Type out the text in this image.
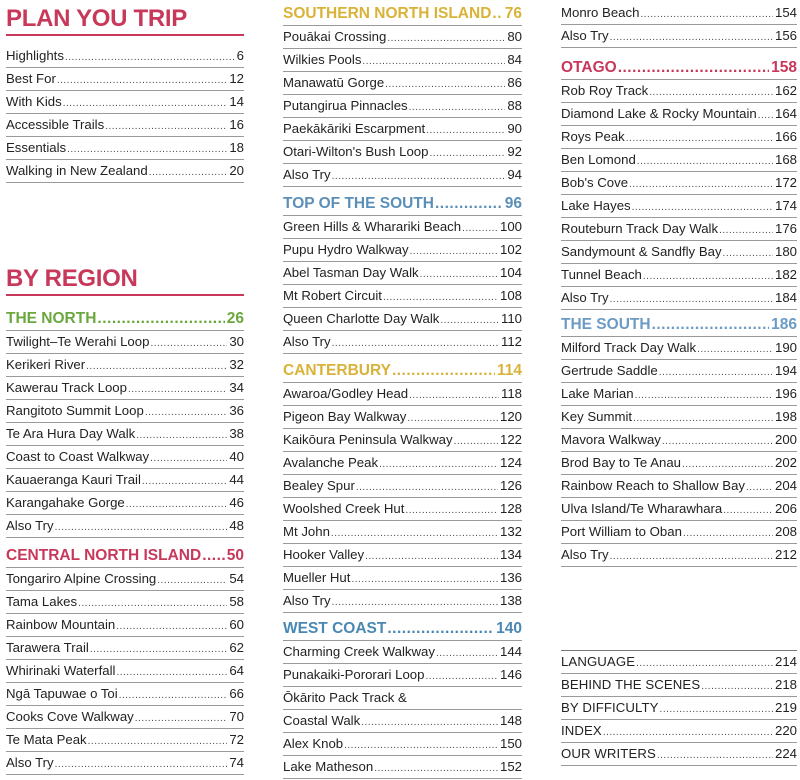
PLAN YOU TRIP
Highlights .....	6
Best For .....	12
With Kids .....	14
Accessible Trails .....	16
Essentials .....	18
Walking in New Zealand .....	20
BY REGION
THE NORTH .....	26
Twilight–Te Werahi Loop .....	30
Kerikeri River .....	32
Kawerau Track Loop .....	34
Rangitoto Summit Loop .....	36
Te Ara Hura Day Walk .....	38
Coast to Coast Walkway .....	40
Kauaeranga Kauri Trail .....	44
Karangahake Gorge .....	46
Also Try .....	48
CENTRAL NORTH ISLAND ..... 50
Tongariro Alpine Crossing .....	54
Tama Lakes .....	58
Rainbow Mountain .....	60
Tarawera Trail .....	62
Whirinaki Waterfall .....	64
Ngā Tapuwae o Toi .....	66
Cooks Cove Walkway .....	70
Te Mata Peak .....	72
Also Try .....	74
SOUTHERN NORTH ISLAND ..... 76
Pouākai Crossing .....	80
Wilkies Pools .....	84
Manawatū Gorge .....	86
Putangirua Pinnacles .....	88
Paekākāriki Escarpment .....	90
Otari-Wilton's Bush Loop .....	92
Also Try .....	94
TOP OF THE SOUTH .....	96
Green Hills & Wharariki Beach .....	100
Pupu Hydro Walkway .....	102
Abel Tasman Day Walk .....	104
Mt Robert Circuit .....	108
Queen Charlotte Day Walk .....	110
Also Try .....	112
CANTERBURY .....	114
Awaroa/Godley Head .....	118
Pigeon Bay Walkway .....	120
Kaikōura Peninsula Walkway .....	122
Avalanche Peak .....	124
Bealey Spur .....	126
Woolshed Creek Hut .....	128
Mt John .....	132
Hooker Valley .....	134
Mueller Hut .....	136
Also Try .....	138
WEST COAST .....	140
Charming Creek Walkway .....	144
Punakaiki-Pororari Loop .....	146
Ōkārito Pack Track &
Coastal Walk .....	148
Alex Knob .....	150
Lake Matheson .....	152
Monro Beach .....	154
Also Try .....	156
OTAGO .....	158
Rob Roy Track .....	162
Diamond Lake & Rocky Mountain ..... 164
Roys Peak .....	166
Ben Lomond .....	168
Bob's Cove .....	172
Lake Hayes .....	174
Routeburn Track Day Walk .....	176
Sandymount & Sandfly Bay .....	180
Tunnel Beach .....	182
Also Try .....	184
THE SOUTH .....	186
Milford Track Day Walk .....	190
Gertrude Saddle .....	194
Lake Marian .....	196
Key Summit .....	198
Mavora Walkway .....	200
Brod Bay to Te Anau .....	202
Rainbow Reach to Shallow Bay ..... 204
Ulva Island/Te Wharawhara .....	206
Port William to Oban .....	208
Also Try .....	212
LANGUAGE .....	214
BEHIND THE SCENES .....	218
BY DIFFICULTY .....	219
INDEX .....	220
OUR WRITERS .....	224
